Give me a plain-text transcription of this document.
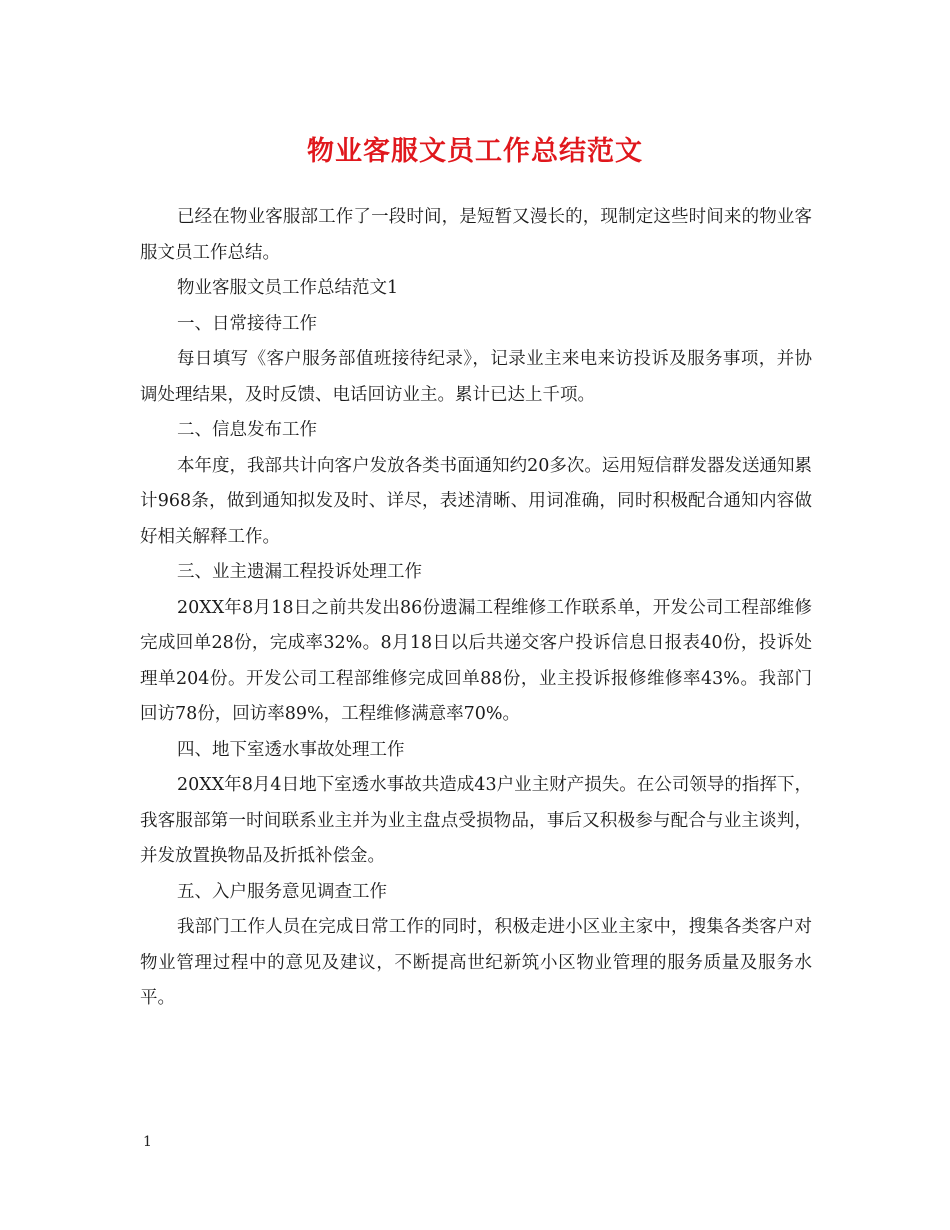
物业客服文员工作总结范文

已经在物业客服部工作了一段时间，是短暂又漫长的，现制定这些时间来的物业客服文员工作总结。

物业客服文员工作总结范文1

一、日常接待工作

每日填写《客户服务部值班接待纪录》，记录业主来电来访投诉及服务事项，并协调处理结果，及时反馈、电话回访业主。累计已达上千项。

二、信息发布工作

本年度，我部共计向客户发放各类书面通知约20多次。运用短信群发器发送通知累计968条，做到通知拟发及时、详尽，表述清晰、用词准确，同时积极配合通知内容做好相关解释工作。

三、业主遗漏工程投诉处理工作

20XX年8月18日之前共发出86份遗漏工程维修工作联系单，开发公司工程部维修完成回单28份，完成率32%。8月18日以后共递交客户投诉信息日报表40份，投诉处理单204份。开发公司工程部维修完成回单88份，业主投诉报修维修率43%。我部门回访78份，回访率89%，工程维修满意率70%。

四、地下室透水事故处理工作

20XX年8月4日地下室透水事故共造成43户业主财产损失。在公司领导的指挥下，我客服部第一时间联系业主并为业主盘点受损物品，事后又积极参与配合与业主谈判，并发放置换物品及折抵补偿金。

五、入户服务意见调查工作

我部门工作人员在完成日常工作的同时，积极走进小区业主家中，搜集各类客户对物业管理过程中的意见及建议，不断提高世纪新筑小区物业管理的服务质量及服务水平。

1
